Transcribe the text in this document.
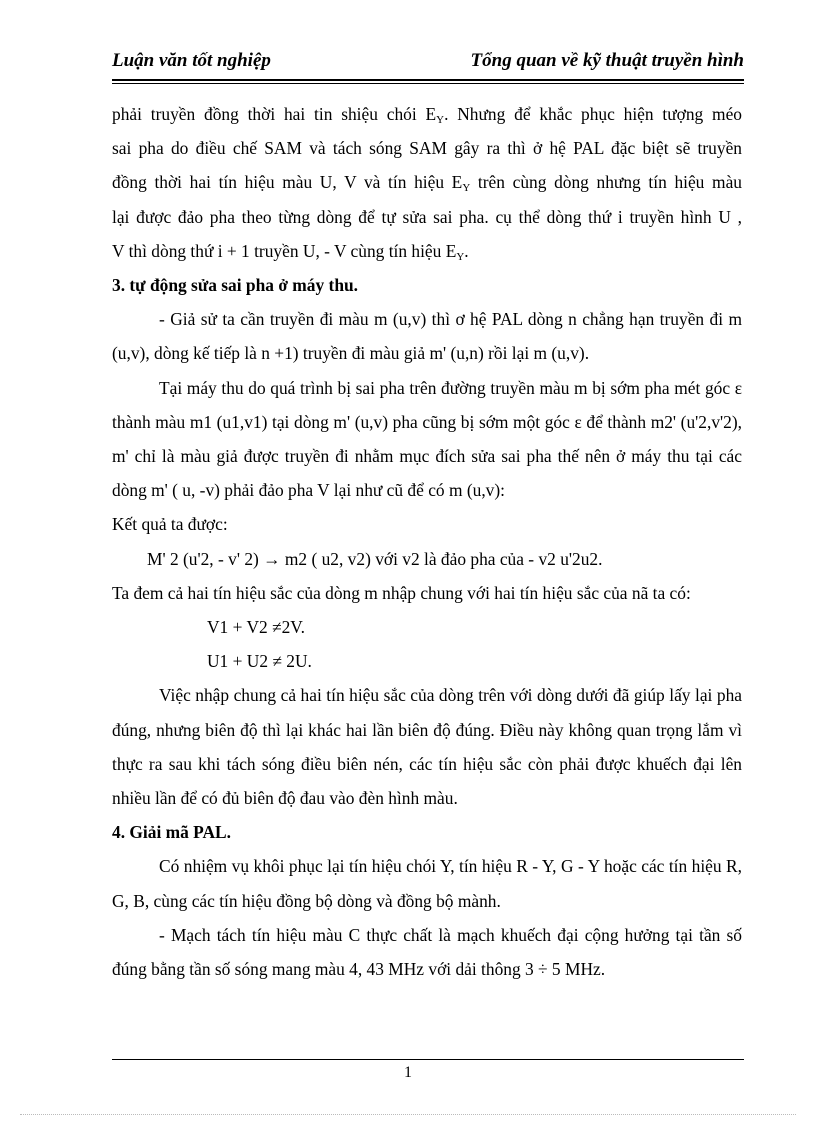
Luận văn tốt nghiệp	Tổng quan về kỹ thuật truyền hình

phải truyền đồng thời hai tin shiệu chói $E_Y$. Nhưng để khắc phục hiện tượng méo

sai pha do điều chế SAM và tách sóng SAM gây ra thì ở hệ PAL đặc biệt sẽ truyền

đồng thời hai tín hiệu màu U, V và tín hiệu $E_Y$ trên cùng dòng nhưng tín hiệu màu

lại được đảo pha theo từng dòng để tự sửa sai pha. cụ thể dòng thứ i truyền hình U ,

V thì dòng thứ i + 1 truyền U, - V cùng tín hiệu $E_Y$.

3. tự động sửa sai pha ở máy thu.

- Giả sử ta cần truyền đi màu m (u,v) thì ơ hệ PAL dòng n chẳng hạn truyền đi m (u,v), dòng kế tiếp là n +1) truyền đi màu giả m' (u,n) rồi lại m (u,v).

Tại máy thu do quá trình bị sai pha trên đường truyền màu m bị sớm pha mét góc ε thành màu m1 (u1,v1) tại dòng m' (u,v) pha cũng bị sớm một góc ε để thành m2' (u'2,v'2), m' chỉ là màu giả được truyền đi nhằm mục đích sửa sai pha thế nên ở máy thu tại các dòng m' ( u, -v) phải đảo pha V lại như cũ để có m (u,v):

Kết quả ta được:

M' 2 (u'2, - v' 2) → m2 ( u2, v2) với v2 là đảo pha của - v2 u'2u2.

Ta đem cả hai tín hiệu sắc của dòng m nhập chung với hai tín hiệu sắc của nã ta có:

V1 + V2 ≠2V.

U1 + U2 ≠ 2U.

Việc nhập chung cả hai tín hiệu sắc của dòng trên với dòng dưới đã giúp lấy lại pha đúng, nhưng biên độ thì lại khác hai lần biên độ đúng. Điều này không quan trọng lắm vì thực ra sau khi tách sóng điều biên nén, các tín hiệu sắc còn phải được khuếch đại lên nhiều lần để có đủ biên độ đau vào đèn hình màu.

4. Giải mã PAL.

Có nhiệm vụ khôi phục lại tín hiệu chói Y, tín hiệu R - Y, G - Y hoặc các tín hiệu R, G, B, cùng các tín hiệu đồng bộ dòng và đồng bộ mành.

- Mạch tách tín hiệu màu C thực chất là mạch khuếch đại cộng hưởng tại tần số đúng bằng tần số sóng mang màu 4, 43 MHz với dải thông 3 ÷ 5 MHz.

1
